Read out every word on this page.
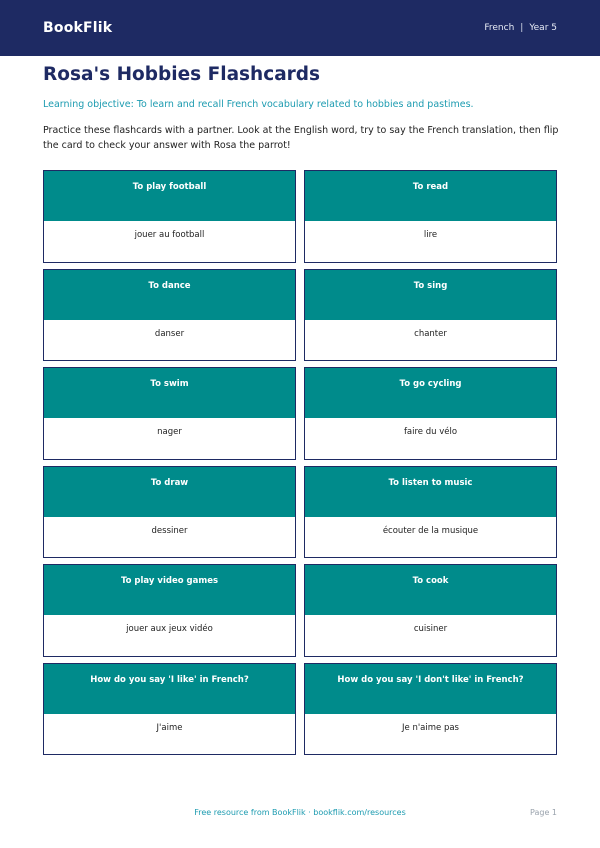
BookFlik	French | Year 5
Rosa's Hobbies Flashcards

Learning objective: To learn and recall French vocabulary related to hobbies and pastimes.

Practice these flashcards with a partner. Look at the English word, try to say the French translation, then flip the card to check your answer with Rosa the parrot!

To play football
jouer au football
To read
lire
To dance
danser
To sing
chanter
To swim
nager
To go cycling
faire du vélo
To draw
dessiner
To listen to music
écouter de la musique
To play video games
jouer aux jeux vidéo
To cook
cuisiner
How do you say 'I like' in French?
J'aime
How do you say 'I don't like' in French?
Je n'aime pas
Free resource from BookFlik · bookflik.com/resources	Page 1
